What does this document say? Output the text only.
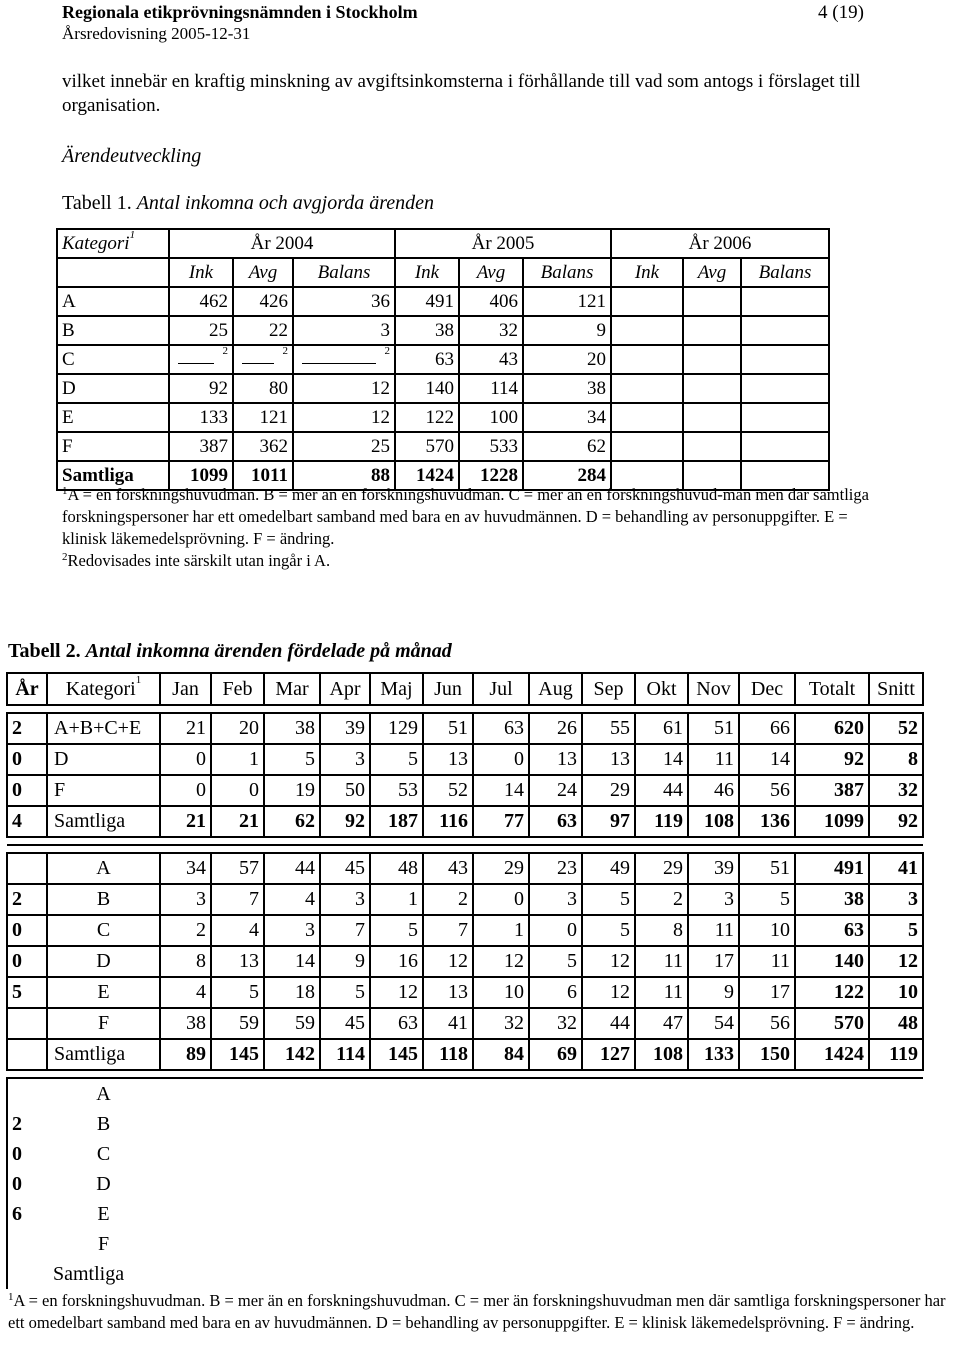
Regionala etikprövningsnämnden i Stockholm
Årsredovisning 2005-12-31
4 (19)
vilket innebär en kraftig minskning av avgiftsinkomsterna i förhållande till vad som antogs i förslaget till organisation.
Ärendeutveckling
Tabell 1. Antal inkomna och avgjorda ärenden
Kategori$^1$	År 2004			År 2005			År 2006		
	Ink	Avg	Balans	Ink	Avg	Balans	Ink	Avg	Balans
A	462	426	36	491	406	121			
B	25	22	3	38	32	9			
C	$^2$	$^2$	$^2$	63	43	20			
D	92	80	12	140	114	38			
E	133	121	12	122	100	34			
F	387	362	25	570	533	62			
Samtliga	1099	1011	88	1424	1228	284			
$^1$A = en forskningshuvudman. B = mer än en forskningshuvudman. C = mer än en forskningshuvud-man men där samtliga forskningspersoner har ett omedelbart samband med bara en av huvudmännen. D = behandling av personuppgifter. E = klinisk läkemedelsprövning. F = ändring.
$^2$Redovisades inte särskilt utan ingår i A.
Tabell 2. Antal inkomna ärenden fördelade på månad
År	Kategori$^1$	Jan	Feb	Mar	Apr	Maj	Jun	Jul	Aug	Sep	Okt	Nov	Dec	Totalt	Snitt

2	A+B+C+E	21	20	38	39	129	51	63	26	55	61	51	66	620	52
0	D	0	1	5	3	5	13	0	13	13	14	11	14	92	8
0	F	0	0	19	50	53	52	14	24	29	44	46	56	387	32
4	Samtliga	21	21	62	92	187	116	77	63	97	119	108	136	1099	92

	A	34	57	44	45	48	43	29	23	49	29	39	51	491	41
2	B	3	7	4	3	1	2	0	3	5	2	3	5	38	3
0	C	2	4	3	7	5	7	1	0	5	8	11	10	63	5
0	D	8	13	14	9	16	12	12	5	12	11	17	11	140	12
5	E	4	5	18	5	12	13	10	6	12	11	9	17	122	10
	F	38	59	59	45	63	41	32	32	44	47	54	56	570	48
	Samtliga	89	145	142	114	145	118	84	69	127	108	133	150	1424	119

	A														
2	B														
0	C														
0	D														
6	E														
	F														
	Samtliga														
$^1$A = en forskningshuvudman. B = mer än en forskningshuvudman. C = mer än forskningshuvudman men där samtliga forskningspersoner har ett omedelbart samband med bara en av huvudmännen. D = behandling av personuppgifter. E = klinisk läkemedelsprövning. F = ändring.
